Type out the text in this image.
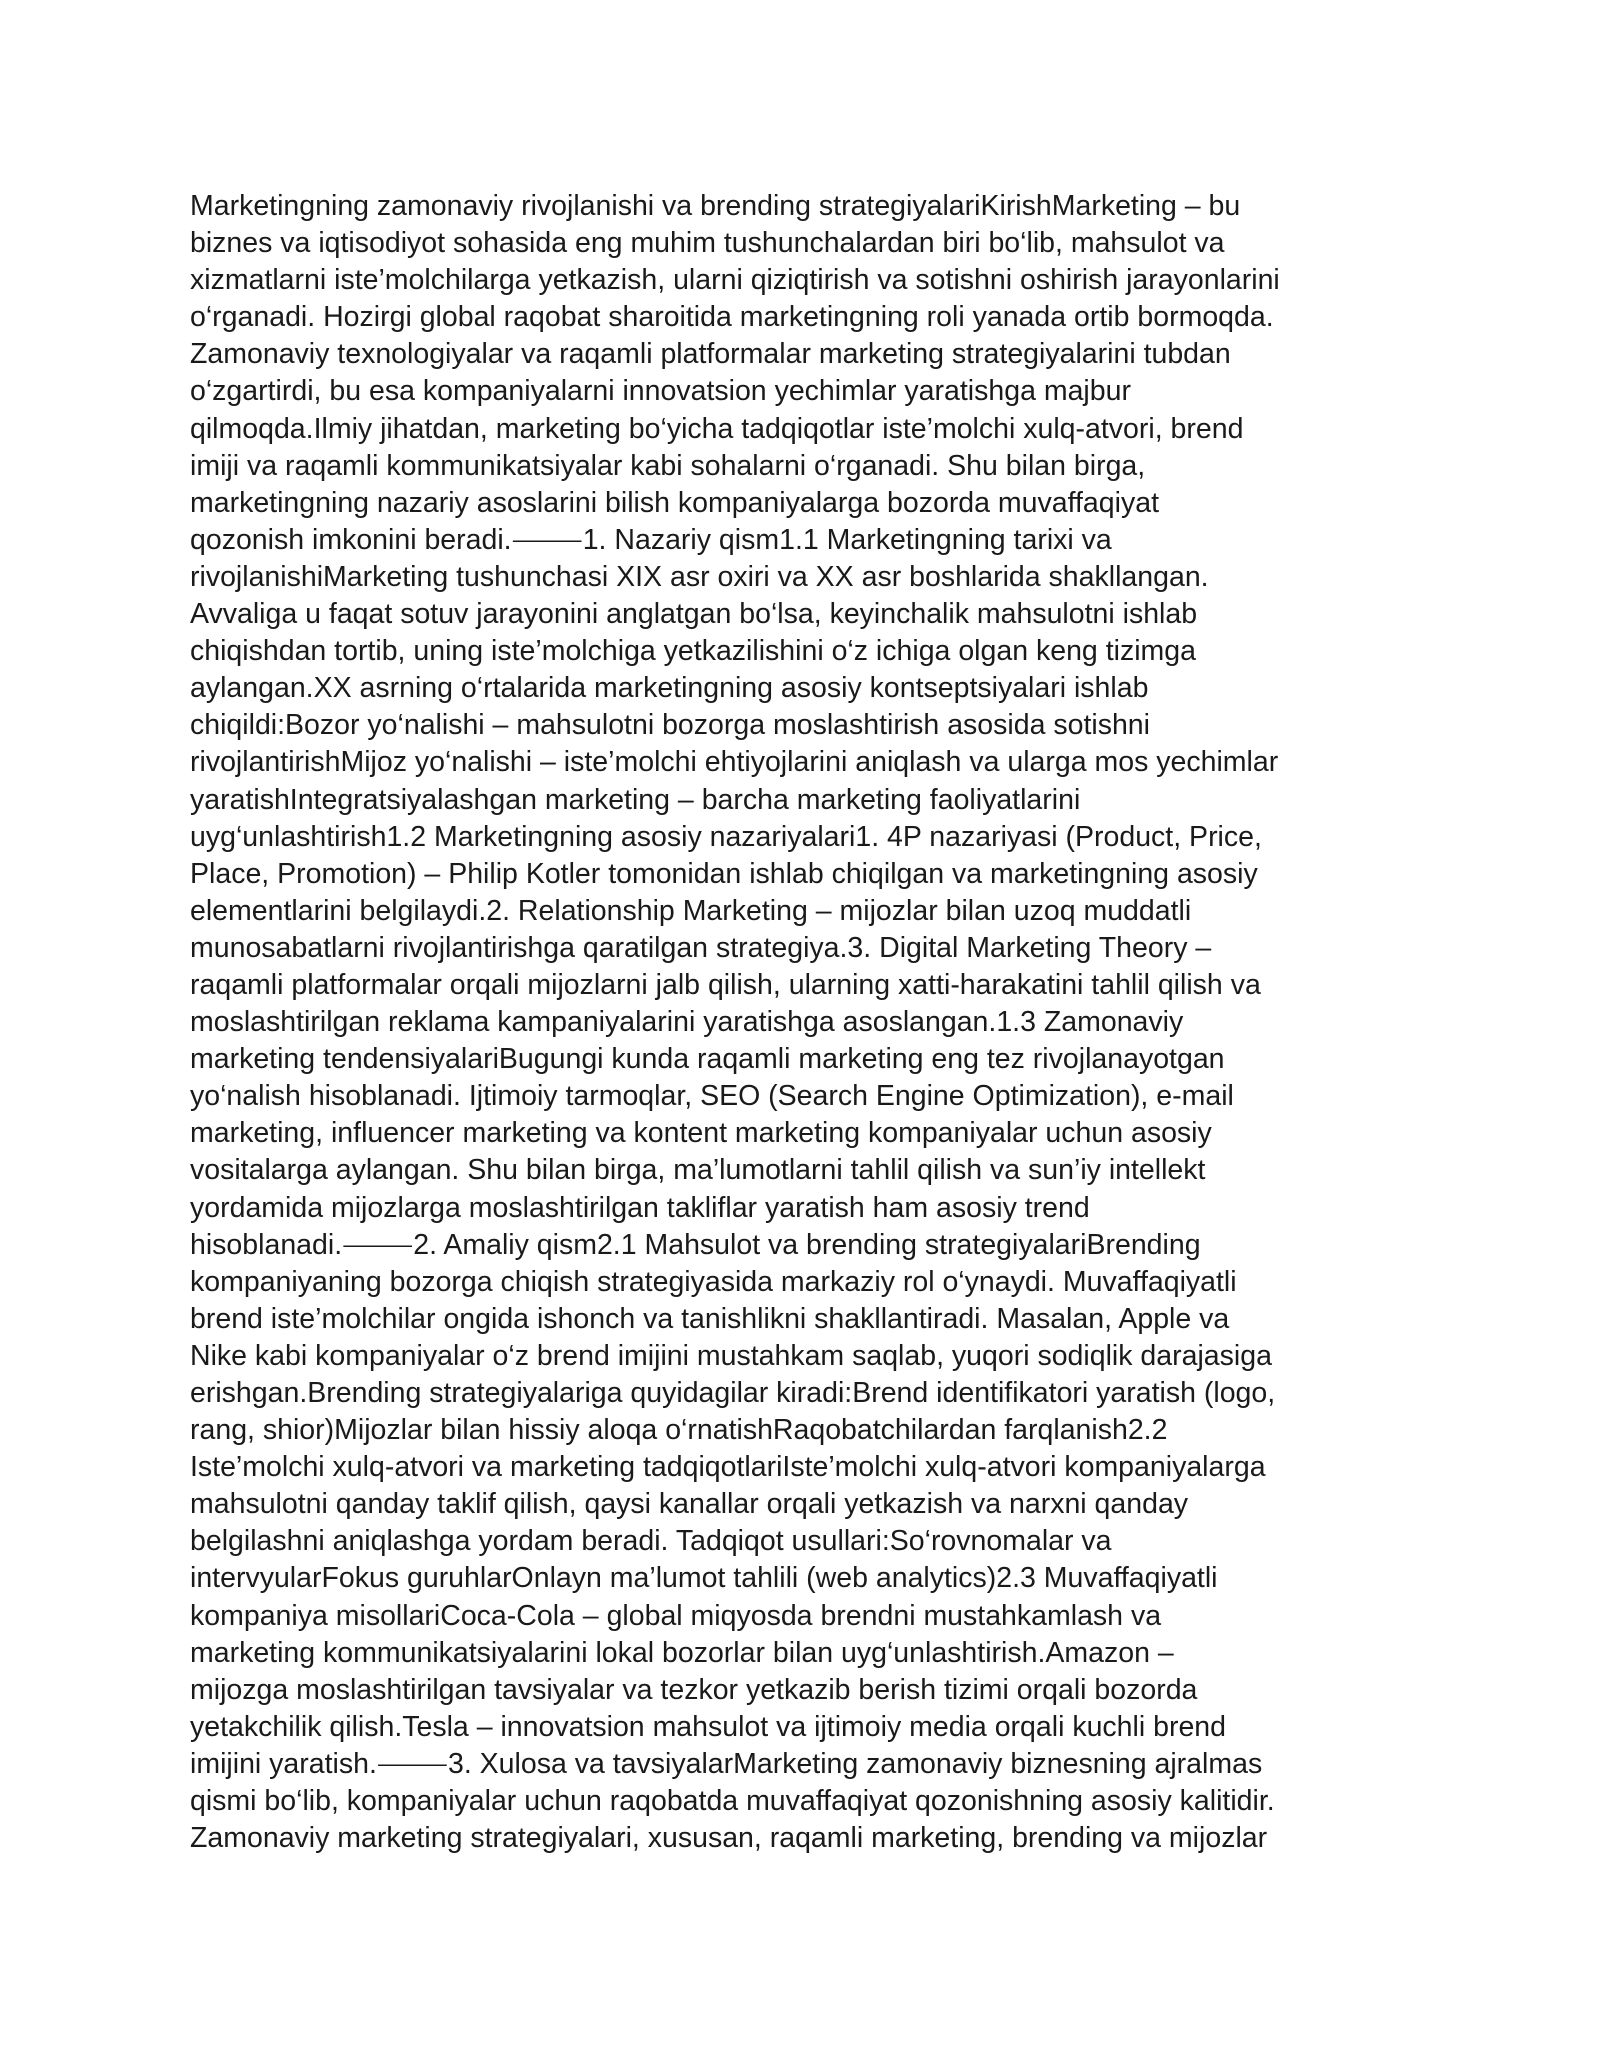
Marketingning zamonaviy rivojlanishi va brending strategiyalariKirishMarketing – bu
biznes va iqtisodiyot sohasida eng muhim tushunchalardan biri bo‘lib, mahsulot va
xizmatlarni iste’molchilarga yetkazish, ularni qiziqtirish va sotishni oshirish jarayonlarini
o‘rganadi. Hozirgi global raqobat sharoitida marketingning roli yanada ortib bormoqda.
Zamonaviy texnologiyalar va raqamli platformalar marketing strategiyalarini tubdan
o‘zgartirdi, bu esa kompaniyalarni innovatsion yechimlar yaratishga majbur
qilmoqda.Ilmiy jihatdan, marketing bo‘yicha tadqiqotlar iste’molchi xulq-atvori, brend
imiji va raqamli kommunikatsiyalar kabi sohalarni o‘rganadi. Shu bilan birga,
marketingning nazariy asoslarini bilish kompaniyalarga bozorda muvaffaqiyat
qozonish imkonini beradi.⸻1. Nazariy qism1.1 Marketingning tarixi va
rivojlanishiMarketing tushunchasi XIX asr oxiri va XX asr boshlarida shakllangan.
Avvaliga u faqat sotuv jarayonini anglatgan bo‘lsa, keyinchalik mahsulotni ishlab
chiqishdan tortib, uning iste’molchiga yetkazilishini o‘z ichiga olgan keng tizimga
aylangan.XX asrning o‘rtalarida marketingning asosiy kontseptsiyalari ishlab
chiqildi:Bozor yo‘nalishi – mahsulotni bozorga moslashtirish asosida sotishni
rivojlantirishMijoz yo‘nalishi – iste’molchi ehtiyojlarini aniqlash va ularga mos yechimlar
yaratishIntegratsiyalashgan marketing – barcha marketing faoliyatlarini
uyg‘unlashtirish1.2 Marketingning asosiy nazariyalari1. 4P nazariyasi (Product, Price,
Place, Promotion) – Philip Kotler tomonidan ishlab chiqilgan va marketingning asosiy
elementlarini belgilaydi.2. Relationship Marketing – mijozlar bilan uzoq muddatli
munosabatlarni rivojlantirishga qaratilgan strategiya.3. Digital Marketing Theory –
raqamli platformalar orqali mijozlarni jalb qilish, ularning xatti-harakatini tahlil qilish va
moslashtirilgan reklama kampaniyalarini yaratishga asoslangan.1.3 Zamonaviy
marketing tendensiyalariBugungi kunda raqamli marketing eng tez rivojlanayotgan
yo‘nalish hisoblanadi. Ijtimoiy tarmoqlar, SEO (Search Engine Optimization), e-mail
marketing, influencer marketing va kontent marketing kompaniyalar uchun asosiy
vositalarga aylangan. Shu bilan birga, ma’lumotlarni tahlil qilish va sun’iy intellekt
yordamida mijozlarga moslashtirilgan takliflar yaratish ham asosiy trend
hisoblanadi.⸻2. Amaliy qism2.1 Mahsulot va brending strategiyalariBrending
kompaniyaning bozorga chiqish strategiyasida markaziy rol o‘ynaydi. Muvaffaqiyatli
brend iste’molchilar ongida ishonch va tanishlikni shakllantiradi. Masalan, Apple va
Nike kabi kompaniyalar o‘z brend imijini mustahkam saqlab, yuqori sodiqlik darajasiga
erishgan.Brending strategiyalariga quyidagilar kiradi:Brend identifikatori yaratish (logo,
rang, shior)Mijozlar bilan hissiy aloqa o‘rnatishRaqobatchilardan farqlanish2.2
Iste’molchi xulq-atvori va marketing tadqiqotlariIste’molchi xulq-atvori kompaniyalarga
mahsulotni qanday taklif qilish, qaysi kanallar orqali yetkazish va narxni qanday
belgilashni aniqlashga yordam beradi. Tadqiqot usullari:So‘rovnomalar va
intervyularFokus guruhlarOnlayn ma’lumot tahlili (web analytics)2.3 Muvaffaqiyatli
kompaniya misollariCoca-Cola – global miqyosda brendni mustahkamlash va
marketing kommunikatsiyalarini lokal bozorlar bilan uyg‘unlashtirish.Amazon –
mijozga moslashtirilgan tavsiyalar va tezkor yetkazib berish tizimi orqali bozorda
yetakchilik qilish.Tesla – innovatsion mahsulot va ijtimoiy media orqali kuchli brend
imijini yaratish.⸻3. Xulosa va tavsiyalarMarketing zamonaviy biznesning ajralmas
qismi bo‘lib, kompaniyalar uchun raqobatda muvaffaqiyat qozonishning asosiy kalitidir.
Zamonaviy marketing strategiyalari, xususan, raqamli marketing, brending va mijozlar
